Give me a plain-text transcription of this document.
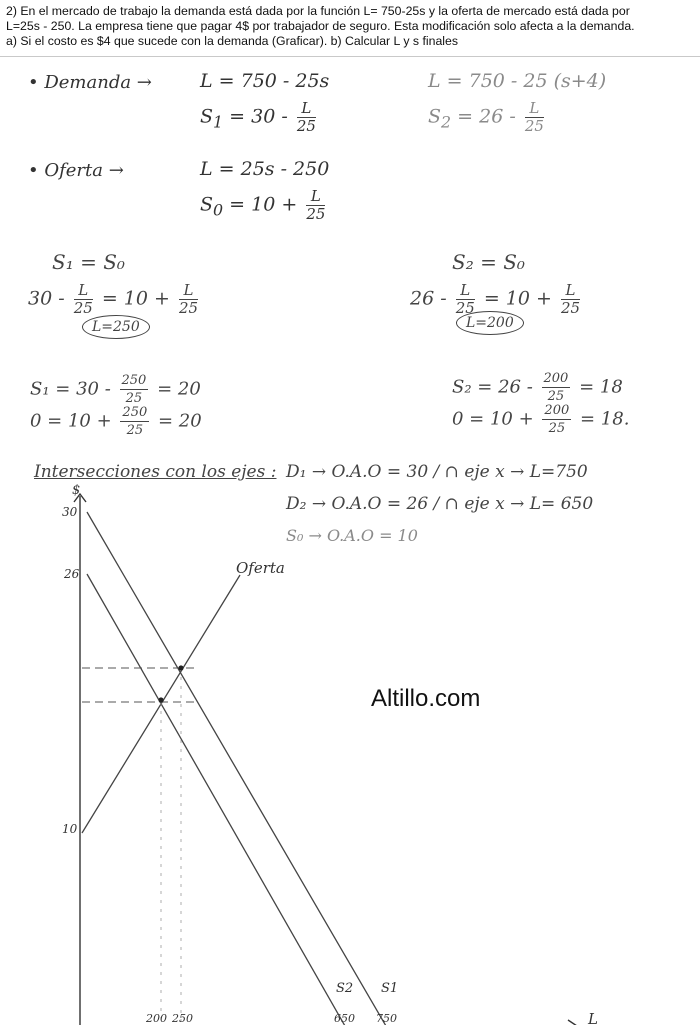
2) En el mercado de trabajo la demanda está dada por la función L= 750-25s y la oferta de mercado está dada por
L=25s - 250. La empresa tiene que pagar 4$ por trabajador de seguro. Esta modificación solo afecta a la demanda.
a) Si el costo es $4 que sucede con la demanda (Graficar). b) Calcular L y s finales
• Demanda →	L = 750 - 25s
$S_1 = 30 - \frac{L}{25}$
L = 750 - 25 (s+4)
$S_2 = 26 - \frac{L}{25}$
• Oferta →	L = 25s - 250
$S_0 = 10 + \frac{L}{25}$
S₁ = S₀
$30 - \frac{L}{25} = 10 + \frac{L}{25}$
L=250
S₂ = S₀
$26 - \frac{L}{25} = 10 + \frac{L}{25}$
L=200
$S_1 = 30 - \frac{250}{25} = 20$
$0 = 10 + \frac{250}{25} = 20$
$S_2 = 26 - \frac{200}{25} = 18$
$0 = 10 + \frac{200}{25} = 18$.
Intersecciones con los ejes : D₁ → O.A.O = 30 / ∩ eje x → L=750
D₂ → O.A.O = 26 / ∩ eje x → L= 650
S₀ → O.A.O = 10
$
L
30
26
10
200 250	650 750
Oferta
S2 S1
Altillo.com
